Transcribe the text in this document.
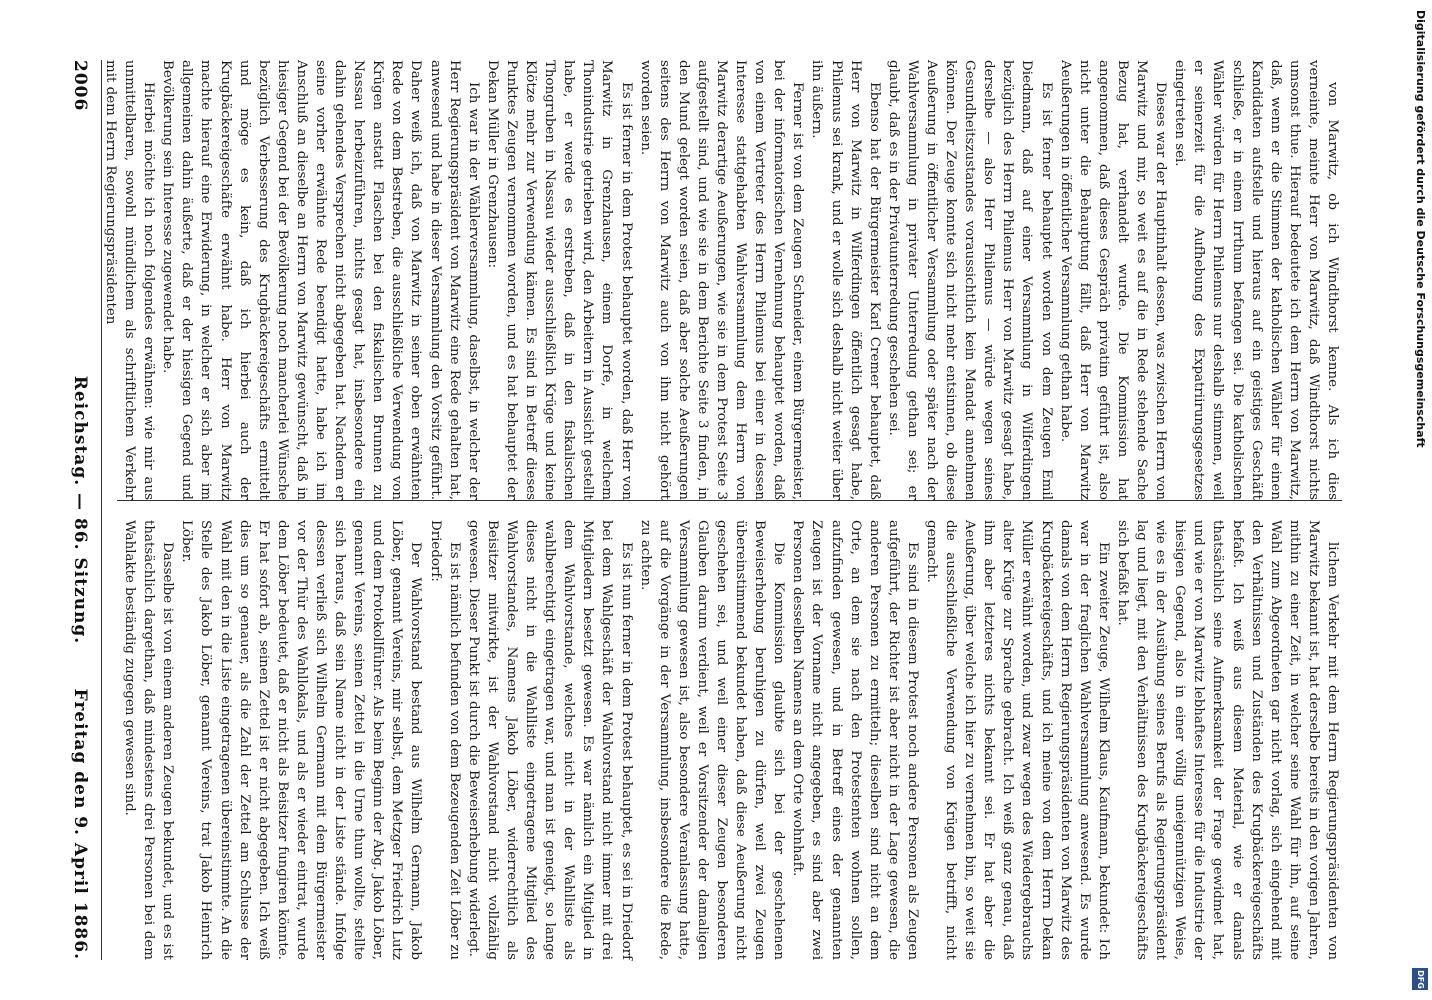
2006
Reichstag. — 86. Sitzung.
Freitag den 9. April 1886.

von Marwitz, ob ich Windthorst kenne. Als ich dies verneinte, meinte Herr von Marwitz, daß Windthorst nichts umsonst thue. Hierauf bedeutete ich dem Herrn von Marwitz, daß, wenn er die Stimmen der katholischen Wähler für einen Kandidaten aufstelle und hieraus auf ein geistiges Geschäft schließe, er in einem Irrthum befangen sei. Die katholischen Wähler würden für Herrn Philemus nur deshalb stimmen, weil er seinerzeit für die Aufhebung des Expatriirungsgesetzes eingetreten sei.

Dieses war der Hauptinhalt dessen, was zwischen Herrn von Marwitz und mir, so weit es auf die in Rede stehende Sache Bezug hat, verhandelt wurde. Die Kommission hat angenommen, daß dieses Gespräch privatim geführt ist, also nicht unter die Behauptung fällt, daß Herr von Marwitz Aeußerungen in öffentlicher Versammlung gethan habe.

Es ist ferner behauptet worden von dem Zeugen Emil Diedmann, daß auf einer Versammlung in Wilferdingen bezüglich des Herrn Philemus Herr von Marwitz gesagt habe, derselbe — also Herr Philemus — würde wegen seines Gesundheitszustandes voraussichtlich kein Mandat annehmen können. Der Zeuge konnte sich nicht mehr entsinnen, ob diese Aeußerung in öffentlicher Versammlung oder später nach der Wahlversammlung in privater Unterredung gethan sei; er glaubt, daß es in der Privatunterredung geschehen sei.

Ebenso hat der Bürgermeister Karl Cremer behauptet, daß Herr von Marwitz in Wilferdingen öffentlich gesagt habe, Philemus sei krank, und er wolle sich deshalb nicht weiter über ihn äußern.

Ferner ist von dem Zeugen Schneider, einem Bürgermeister, bei der informatorischen Vernehmung behauptet worden, daß von einem Vertreter des Herrn Philemus bei einer in dessen Interesse stattgehabten Wahlversammlung dem Herrn von Marwitz derartige Aeußerungen, wie sie in dem Protest Seite 3 aufgestellt sind, und wie sie in dem Berichte Seite 3 finden, in den Mund gelegt worden seien, daß aber solche Aeußerungen seitens des Herrn von Marwitz auch von ihm nicht gehört worden seien.

Es ist ferner in dem Protest behauptet worden, daß Herr von Marwitz in Grenzhausen, einem Dorfe, in welchem Thonindustrie getrieben wird, den Arbeitern in Aussicht gestellt habe, er werde es erstreben, daß in den fiskalischen Thongruben in Nassau wieder ausschließlich Krüge und keine Klötze mehr zur Verwendung kämen. Es sind in Betreff dieses Punktes Zeugen vernommen worden, und es hat behauptet der Dekan Müller in Grenzhausen:

Ich war in der Wählerversammlung, daselbst, in welcher der Herr Regierungspräsident von Marwitz eine Rede gehalten hat, anwesend und habe in dieser Versammlung den Vorsitz geführt. Daher weiß ich, daß von Marwitz in seiner oben erwähnten Rede von dem Bestreben, die ausschließliche Verwendung von Krügen anstatt Flaschen bei den fiskalischen Brunnen zu Nassau herbeizuführen, nichts gesagt hat, insbesondere ein dahin gehendes Versprechen nicht abgegeben hat. Nachdem er seine vorher erwähnte Rede beendigt hatte, habe ich im Anschluß an dieselbe an Herrn von Marwitz gewünscht, daß in hiesiger Gegend bei der Bevölkerung noch mancherlei Wünsche bezüglich Verbesserung des Krugbäckereigeschäfts ermittelt und möge es kein, daß ich hierbei auch der Krugbäckereigeschäfte erwähnt habe. Herr von Marwitz machte hierauf eine Erwiderung, in welcher er sich aber im allgemeinen dahin äußerte, daß er der hiesigen Gegend und Bevölkerung sein Interesse zugewendet habe.

Hierbei möchte ich noch folgendes erwähnen: wie mir aus unmittelbaren, sowohl mündlichem als schriftlichem Verkehr mit dem Herrn Regierungspräsidenten

lichem Verkehr mit dem Herrn Regierungspräsidenten von Marwitz bekannt ist, hat derselbe bereits in den vorigen Jahren, mithin zu einer Zeit, in welcher seine Wahl für ihn, auf seine Wahl zum Abgeordneten gar nicht vorlag, sich eingehend mit den Verhältnissen und Zuständen des Krugbäckereigeschäfts befaßt. Ich weiß aus diesem Material, wie er damals thatsächlich seine Aufmerksamkeit der Frage gewidmet hat, und wie er von Marwitz lebhaftes Interesse für die Industrie der hiesigen Gegend, also in einer völlig uneigennützigen Weise, wie es in der Ausübung seines Berufs als Regierungspräsident lag und liegt, mit den Verhältnissen des Krugbäckereigeschäfts sich befaßt hat.

Ein zweiter Zeuge, Wilhelm Klaus, Kaufmann, bekundet: Ich war in der fraglichen Wahlversammlung anwesend. Es wurde damals von dem Herrn Regierungspräsidenten von Marwitz des Krugbäckereigeschäfts, und ich meine von dem Herrn Dekan Müller erwähnt worden, und zwar wegen des Wiedergebrauchs alter Krüge zur Sprache gebracht. Ich weiß ganz genau, daß ihm aber letzteres nichts bekannt sei. Er hat aber die Aeußerung, über welche ich hier zu vernehmen bin, so weit sie die ausschließliche Verwendung von Krügen betrifft, nicht gemacht.

Es sind in diesem Protest noch andere Personen als Zeugen aufgeführt, der Richter ist aber nicht in der Lage gewesen, die anderen Personen zu ermitteln; dieselben sind nicht an dem Orte, an dem sie nach den Protestenten wohnen sollen, aufzufinden gewesen, und in Betreff eines der genannten Zeugen ist der Vorname nicht angegeben, es sind aber zwei Personen desselben Namens an dem Orte wohnhaft.

Die Kommission glaubte sich bei der geschehenen Beweiserhebung beruhigen zu dürfen, weil zwei Zeugen übereinstimmend bekundet haben, daß diese Aeußerung nicht geschehen sei, und weil einer dieser Zeugen besonderen Glauben darum verdient, weil er Vorsitzender der damaligen Versammlung gewesen ist, also besondere Veranlassung hatte, auf die Vorgänge in der Versammlung, insbesondere die Rede, zu achten.

Es ist nun ferner in dem Protest behauptet, es sei in Driedorf bei dem Wahlgeschäft der Wahlvorstand nicht immer mit drei Mitgliedern besetzt gewesen. Es war nämlich ein Mitglied in dem Wahlvorstande, welches nicht in der Wahlliste als wahlberechtigt eingetragen war, und man ist geneigt, so lange dieses nicht in die Wahlliste eingetragene Mitglied des Wahlvorstandes, Namens Jakob Löber, widerrechtlich als Beisitzer mitwirkte, ist der Wahlvorstand nicht vollzählig gewesen. Dieser Punkt ist durch die Beweiserhebung widerlegt.

Es ist nämlich befunden von dem Bezeugenden Zeit Löber zu Driedorf:

Der Wahlvorstand bestand aus Wilhelm Germann, Jakob Löber, genannt Vereins, mir selbst, dem Metzger Friedrich Lutz und dem Protokollführer. Als beim Beginn der Abg. Jakob Löber, genannt Vereins, seinen Zettel in die Urne thun wollte, stellte sich heraus, daß sein Name nicht in der Liste stände. Infolge dessen verließ sich Wilhelm Germann mit dem Bürgermeister vor der Thür des Wahllokals, und als er wieder eintrat, wurde dem Löber bedeutet, daß er nicht als Beisitzer fungiren könnte. Er hat sofort ab, seinen Zettel ist er nicht abgegeben. Ich weiß dies um so genauer, als die Zahl der Zettel am Schlusse der Wahl mit den in die Liste eingetragenen übereinstimmte. An die Stelle des Jakob Löber, genannt Vereins, trat Jakob Heinrich Löber.

Dasselbe ist von einem anderen Zeugen bekundet, und es ist thatsächlich dargethan, daß mindestens drei Personen bei dem Wahlakte beständig zugegen gewesen sind.

Digitalisierung gefördert durch die Deutsche Forschungsgemeinschaft
DFG
